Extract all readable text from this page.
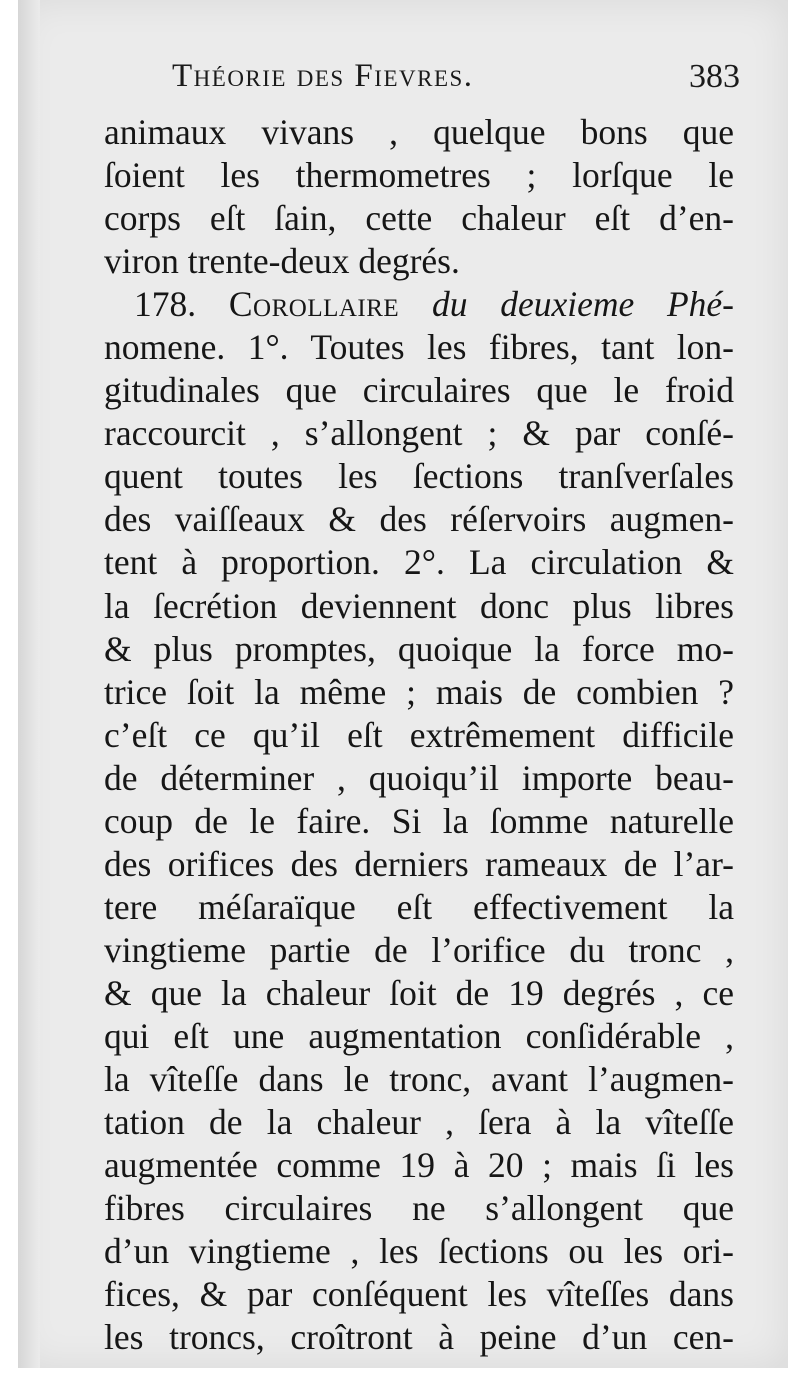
Théorie des Fievres.	383
animaux vivans , quelque bons que
ſoient les thermometres ; lorſque le
corps eſt ſain, cette chaleur eſt d’en-
viron trente-deux degrés.
178. Corollaire du deuxieme Phé-
nomene. 1°. Toutes les fibres, tant lon-
gitudinales que circulaires que le froid
raccourcit , s’allongent ; & par conſé-
quent toutes les ſections tranſverſales
des vaiſſeaux & des réſervoirs augmen-
tent à proportion. 2°. La circulation &
la ſecrétion deviennent donc plus libres
& plus promptes, quoique la force mo-
trice ſoit la même ; mais de combien ?
c’eſt ce qu’il eſt extrêmement difficile
de déterminer , quoiqu’il importe beau-
coup de le faire. Si la ſomme naturelle
des orifices des derniers rameaux de l’ar-
tere méſaraïque eſt effectivement la
vingtieme partie de l’orifice du tronc ,
& que la chaleur ſoit de 19 degrés , ce
qui eſt une augmentation conſidérable ,
la vîteſſe dans le tronc, avant l’augmen-
tation de la chaleur , ſera à la vîteſſe
augmentée comme 19 à 20 ; mais ſi les
fibres circulaires ne s’allongent que
d’un vingtieme , les ſections ou les ori-
fices, & par conſéquent les vîteſſes dans
les troncs, croîtront à peine d’un cen-
